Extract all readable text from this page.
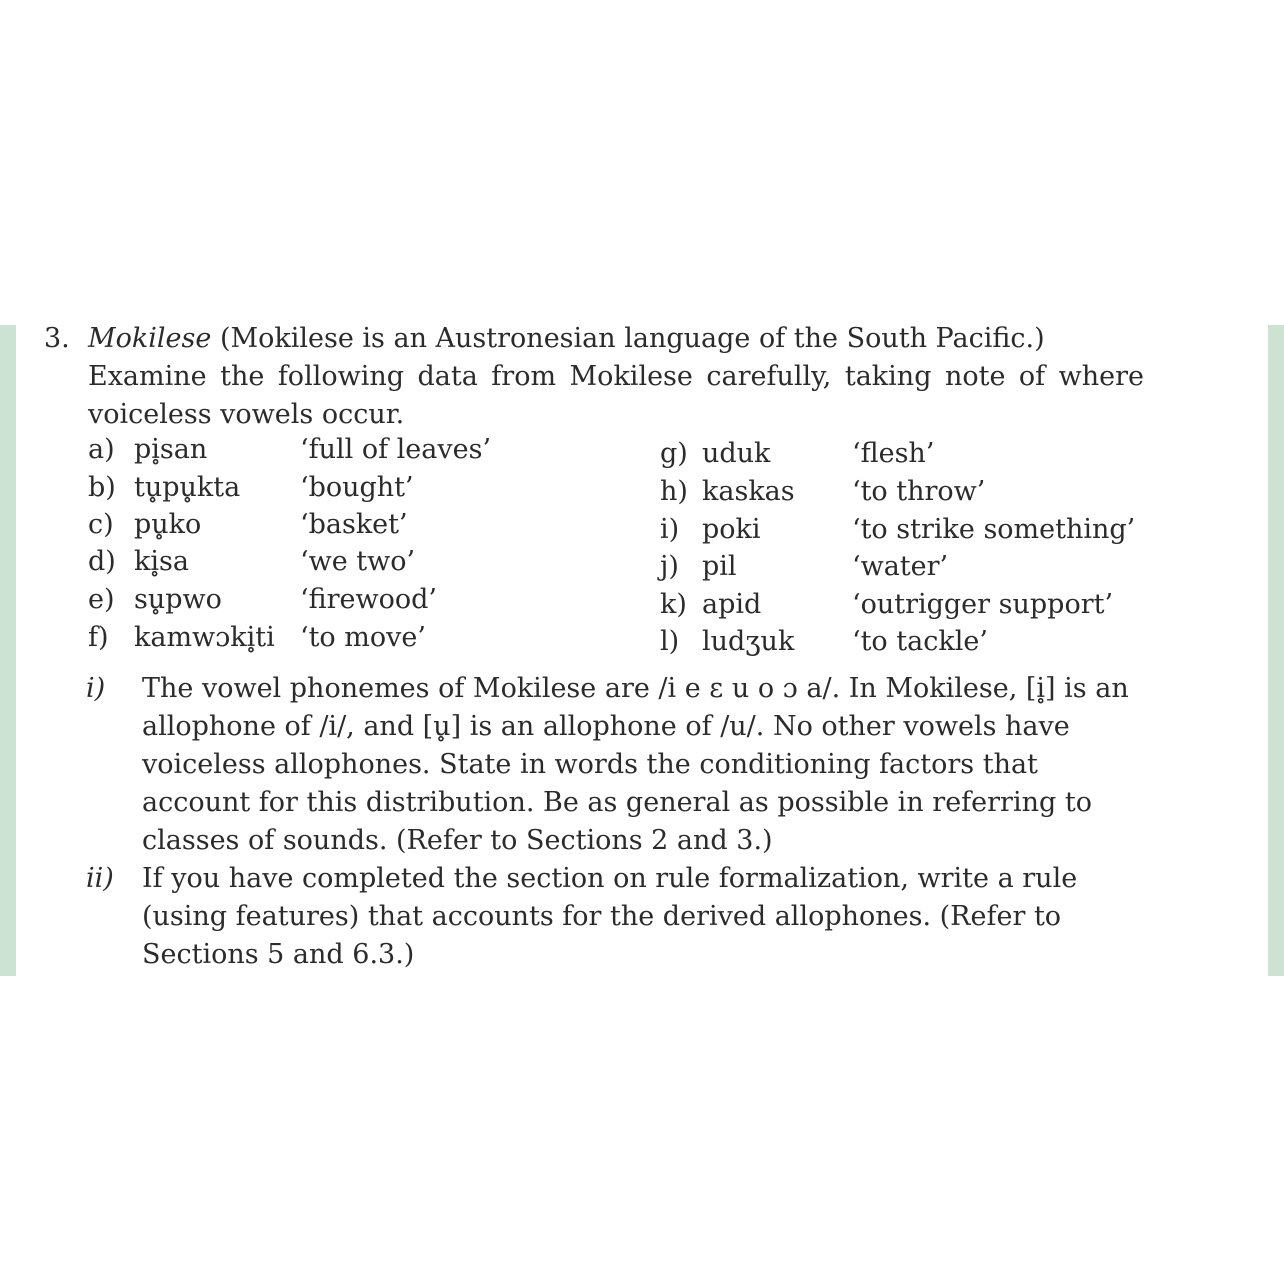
3. Mokilese (Mokilese is an Austronesian language of the South Pacific.)
Examine the following data from Mokilese carefully, taking note of where voiceless vowels occur.
a) pi̥san	‘full of leaves’
b) tu̥pu̥kta ‘bought’
c) pu̥ko	‘basket’
d) ki̥sa	‘we two’
e) su̥pwo	‘firewood’
f) kamwɔki̥ti ‘to move’
g) uduk	‘flesh’
h) kaskas ‘to throw’
i) poki	‘to strike something’
j) pil	‘water’
k) apid	‘outrigger support’
l) ludʒuk ‘to tackle’
i) The vowel phonemes of Mokilese are /i e ɛ u o ɔ a/. In Mokilese, [i̥] is an allophone of /i/, and [u̥] is an allophone of /u/. No other vowels have voiceless allophones. State in words the conditioning factors that account for this distribution. Be as general as possible in referring to classes of sounds. (Refer to Sections 2 and 3.)
ii) If you have completed the section on rule formalization, write a rule (using features) that accounts for the derived allophones. (Refer to Sections 5 and 6.3.)
